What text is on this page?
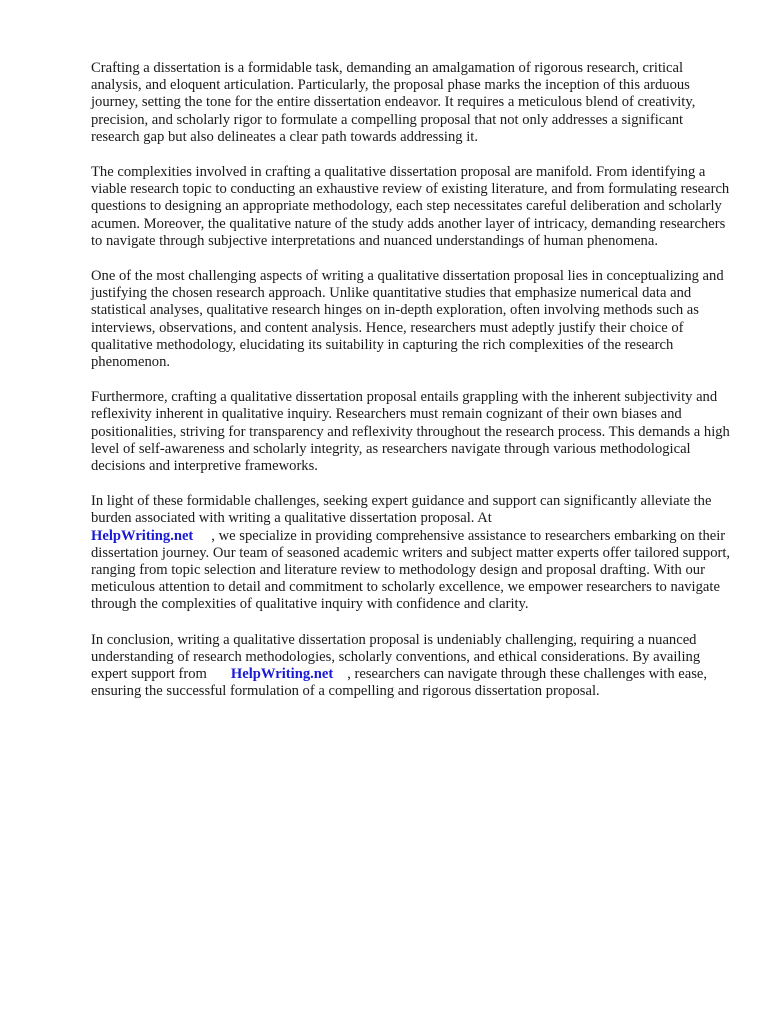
Crafting a dissertation is a formidable task, demanding an amalgamation of rigorous research, critical analysis, and eloquent articulation. Particularly, the proposal phase marks the inception of this arduous journey, setting the tone for the entire dissertation endeavor. It requires a meticulous blend of creativity, precision, and scholarly rigor to formulate a compelling proposal that not only addresses a significant research gap but also delineates a clear path towards addressing it.

The complexities involved in crafting a qualitative dissertation proposal are manifold. From identifying a viable research topic to conducting an exhaustive review of existing literature, and from formulating research questions to designing an appropriate methodology, each step necessitates careful deliberation and scholarly acumen. Moreover, the qualitative nature of the study adds another layer of intricacy, demanding researchers to navigate through subjective interpretations and nuanced understandings of human phenomena.

One of the most challenging aspects of writing a qualitative dissertation proposal lies in conceptualizing and justifying the chosen research approach. Unlike quantitative studies that emphasize numerical data and statistical analyses, qualitative research hinges on in-depth exploration, often involving methods such as interviews, observations, and content analysis. Hence, researchers must adeptly justify their choice of qualitative methodology, elucidating its suitability in capturing the rich complexities of the research phenomenon.

Furthermore, crafting a qualitative dissertation proposal entails grappling with the inherent subjectivity and reflexivity inherent in qualitative inquiry. Researchers must remain cognizant of their own biases and positionalities, striving for transparency and reflexivity throughout the research process. This demands a high level of self-awareness and scholarly integrity, as researchers navigate through various methodological decisions and interpretive frameworks.

In light of these formidable challenges, seeking expert guidance and support can significantly alleviate the burden associated with writing a qualitative dissertation proposal. At
HelpWriting.net , we specialize in providing comprehensive assistance to researchers embarking on their dissertation journey. Our team of seasoned academic writers and subject matter experts offer tailored support, ranging from topic selection and literature review to methodology design and proposal drafting. With our meticulous attention to detail and commitment to scholarly excellence, we empower researchers to navigate through the complexities of qualitative inquiry with confidence and clarity.

In conclusion, writing a qualitative dissertation proposal is undeniably challenging, requiring a nuanced understanding of research methodologies, scholarly conventions, and ethical considerations. By availing expert support from HelpWriting.net , researchers can navigate through these challenges with ease, ensuring the successful formulation of a compelling and rigorous dissertation proposal.
